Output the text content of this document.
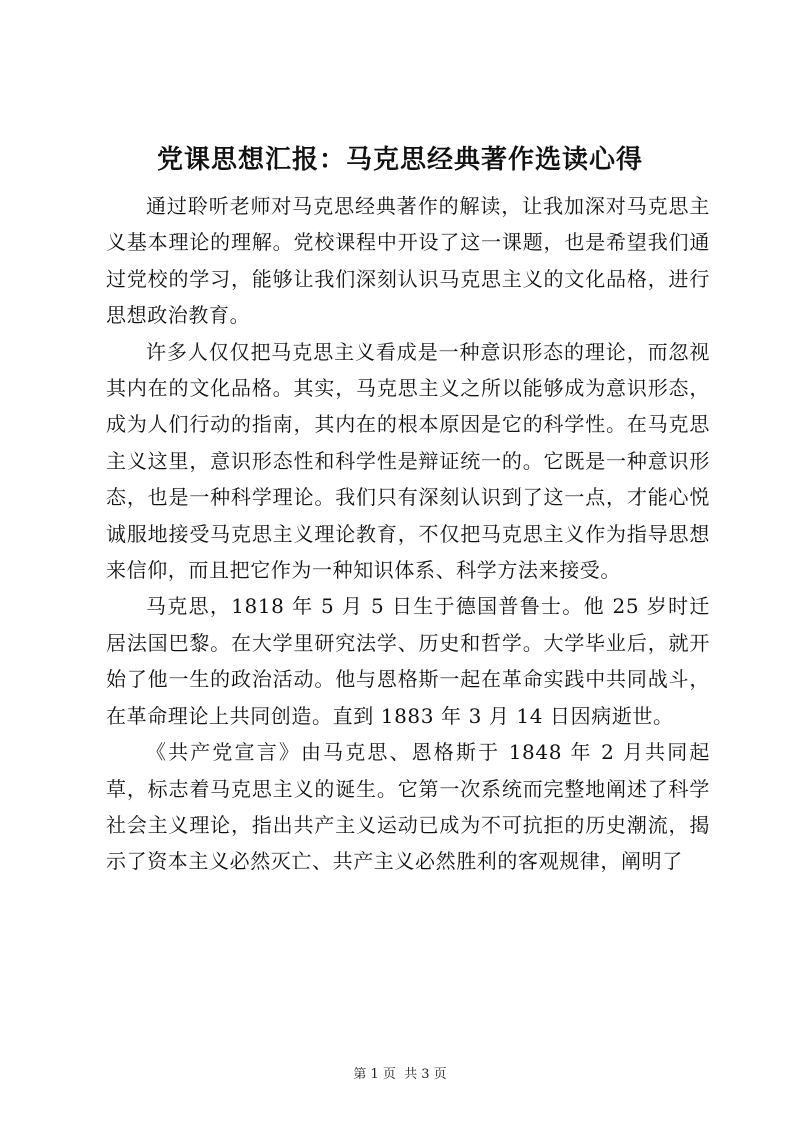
党课思想汇报：马克思经典著作选读心得

通过聆听老师对马克思经典著作的解读，让我加深对马克思主义基本理论的理解。党校课程中开设了这一课题，也是希望我们通过党校的学习，能够让我们深刻认识马克思主义的文化品格，进行思想政治教育。

许多人仅仅把马克思主义看成是一种意识形态的理论，而忽视其内在的文化品格。其实，马克思主义之所以能够成为意识形态，成为人们行动的指南，其内在的根本原因是它的科学性。在马克思主义这里，意识形态性和科学性是辩证统一的。它既是一种意识形态，也是一种科学理论。我们只有深刻认识到了这一点，才能心悦诚服地接受马克思主义理论教育，不仅把马克思主义作为指导思想来信仰，而且把它作为一种知识体系、科学方法来接受。

马克思，1818 年 5 月 5 日生于德国普鲁士。他 25 岁时迁居法国巴黎。在大学里研究法学、历史和哲学。大学毕业后，就开始了他一生的政治活动。他与恩格斯一起在革命实践中共同战斗，在革命理论上共同创造。直到 1883 年 3 月 14 日因病逝世。

《共产党宣言》由马克思、恩格斯于 1848 年 2 月共同起草，标志着马克思主义的诞生。它第一次系统而完整地阐述了科学社会主义理论，指出共产主义运动已成为不可抗拒的历史潮流，揭示了资本主义必然灭亡、共产主义必然胜利的客观规律，阐明了

第 1 页  共 3 页
